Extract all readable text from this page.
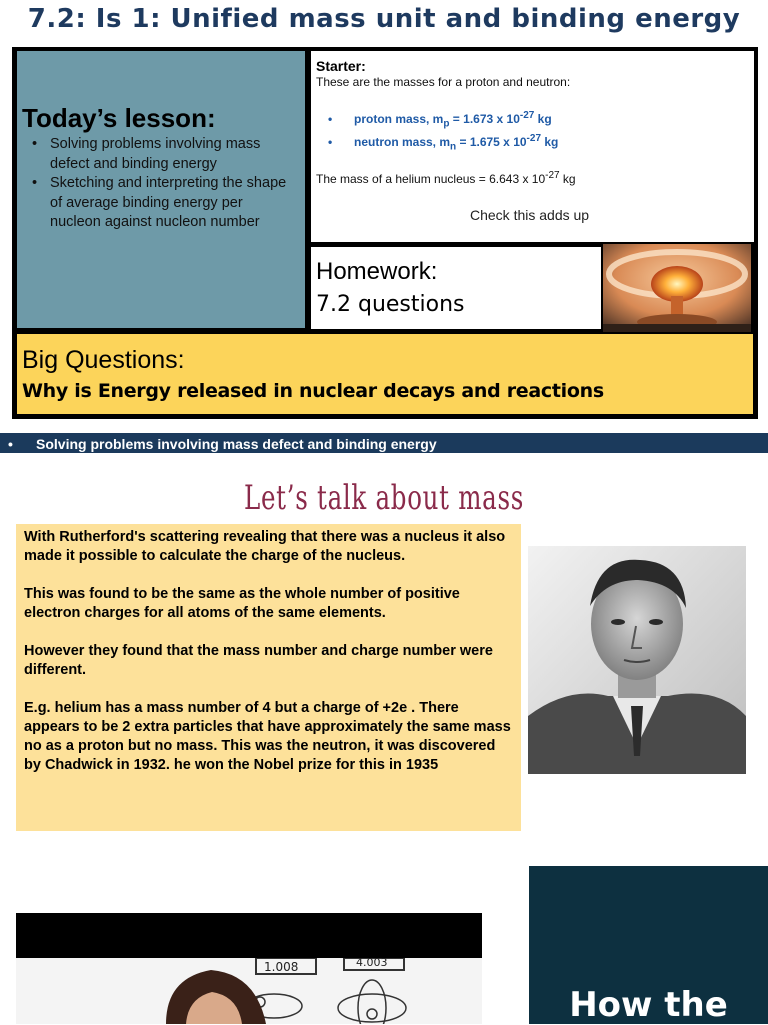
7.2: Is 1: Unified mass unit and binding energy
Today’s lesson:
• Solving problems involving mass defect and binding energy
• Sketching and interpreting the shape of average binding energy per nucleon against nucleon number
Starter:
These are the masses for a proton and neutron:
• proton mass, $m_p = 1.673$ x $10^{-27}$ kg
• neutron mass, $m_n = 1.675$ x $10^{-27}$ kg
The mass of a helium nucleus = 6.643 x $10^{-27}$ kg
Check this adds up
Homework:
7.2 questions
Big Questions:
Why is Energy released in nuclear decays and reactions
• Solving problems involving mass defect and binding energy
Let’s talk about mass

With Rutherford's scattering revealing that there was a nucleus it also made it possible to calculate the charge of the nucleus.

This was found to be the same as the whole number of positive electron charges for all atoms of the same elements.

However they found that the mass number and charge number were different.

E.g. helium has a mass number of 4 but a charge of +2e . There appears to be 2 extra particles that have approximately the same mass no as a proton but no mass. This was the neutron, it was discovered by Chadwick in 1932. he won the Nobel prize for this in 1935

1.008	4.003
How the
